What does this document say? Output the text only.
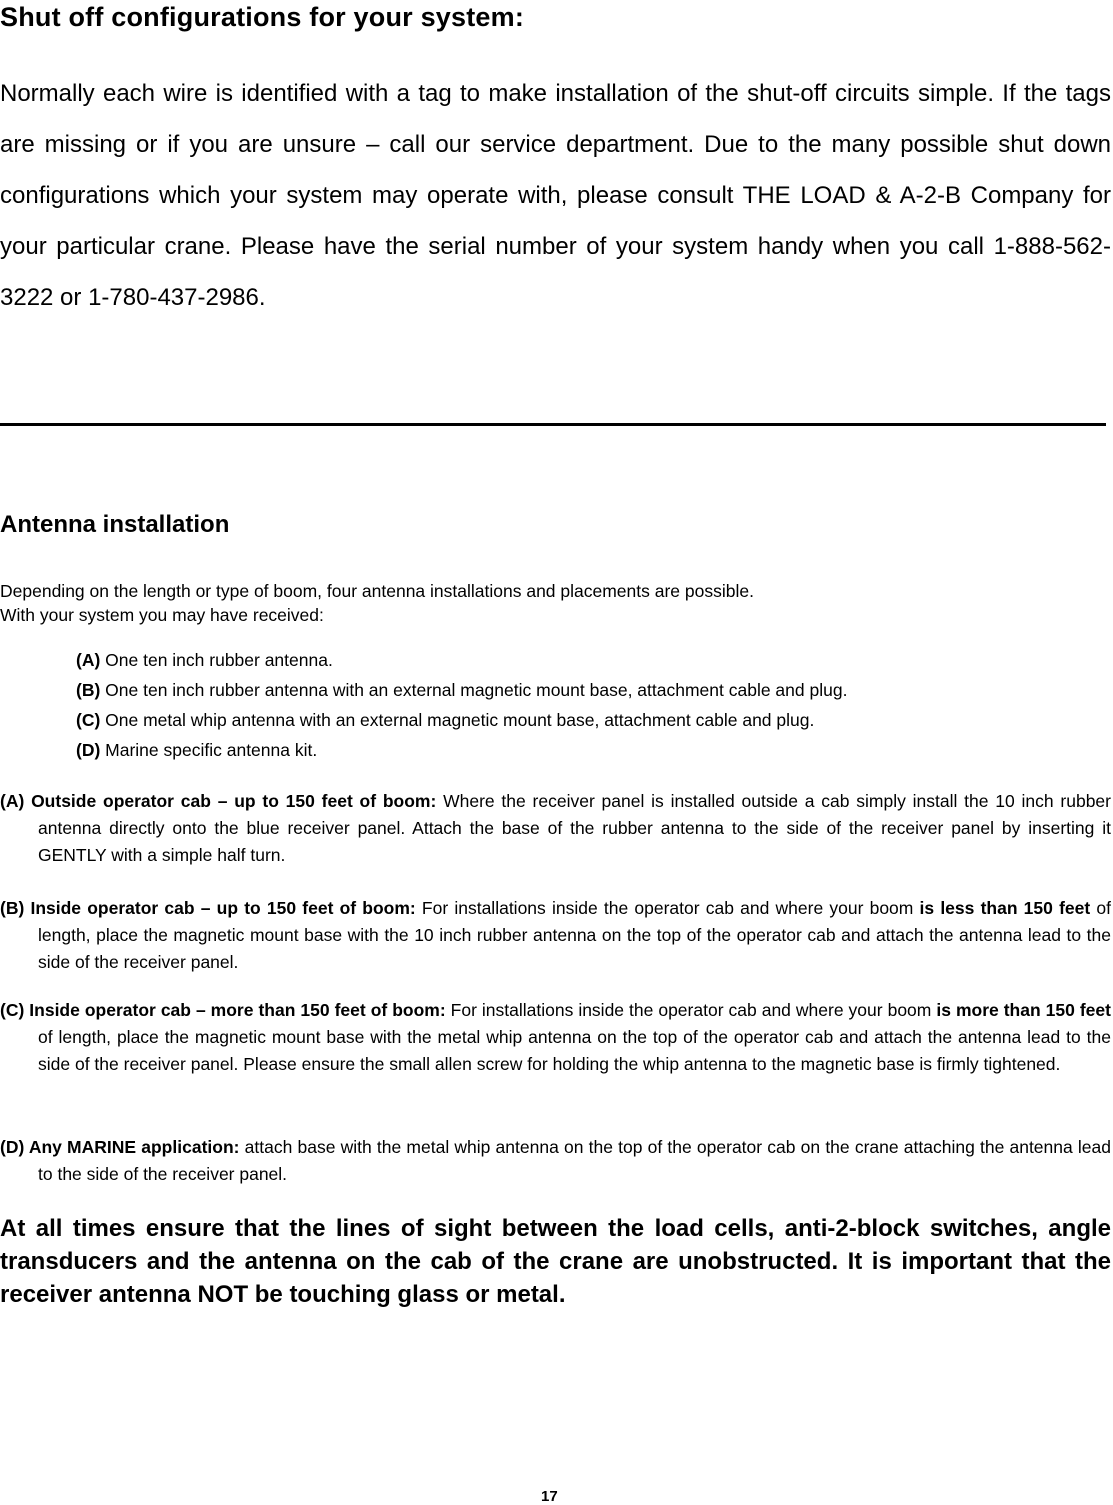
Shut off configurations for your system:

Normally each wire is identified with a tag to make installation of the shut-off circuits simple. If the tags are missing or if you are unsure – call our service department. Due to the many possible shut down configurations which your system may operate with, please consult THE LOAD & A-2-B Company for your particular crane. Please have the serial number of your system handy when you call 1-888-562-3222 or 1-780-437-2986.

Antenna installation

Depending on the length or type of boom, four antenna installations and placements are possible.

With your system you may have received:

(A) One ten inch rubber antenna.
(B) One ten inch rubber antenna with an external magnetic mount base, attachment cable and plug.
(C) One metal whip antenna with an external magnetic mount base, attachment cable and plug.
(D) Marine specific antenna kit.

(A) Outside operator cab – up to 150 feet of boom: Where the receiver panel is installed outside a cab simply install the 10 inch rubber antenna directly onto the blue receiver panel. Attach the base of the rubber antenna to the side of the receiver panel by inserting it GENTLY with a simple half turn.

(B) Inside operator cab – up to 150 feet of boom: For installations inside the operator cab and where your boom is less than 150 feet of length, place the magnetic mount base with the 10 inch rubber antenna on the top of the operator cab and attach the antenna lead to the side of the receiver panel.

(C) Inside operator cab – more than 150 feet of boom: For installations inside the operator cab and where your boom is more than 150 feet of length, place the magnetic mount base with the metal whip antenna on the top of the operator cab and attach the antenna lead to the side of the receiver panel. Please ensure the small allen screw for holding the whip antenna to the magnetic base is firmly tightened.

(D) Any MARINE application: attach base with the metal whip antenna on the top of the operator cab on the crane attaching the antenna lead to the side of the receiver panel.

At all times ensure that the lines of sight between the load cells, anti-2-block switches, angle transducers and the antenna on the cab of the crane are unobstructed. It is important that the receiver antenna NOT be touching glass or metal.

17
